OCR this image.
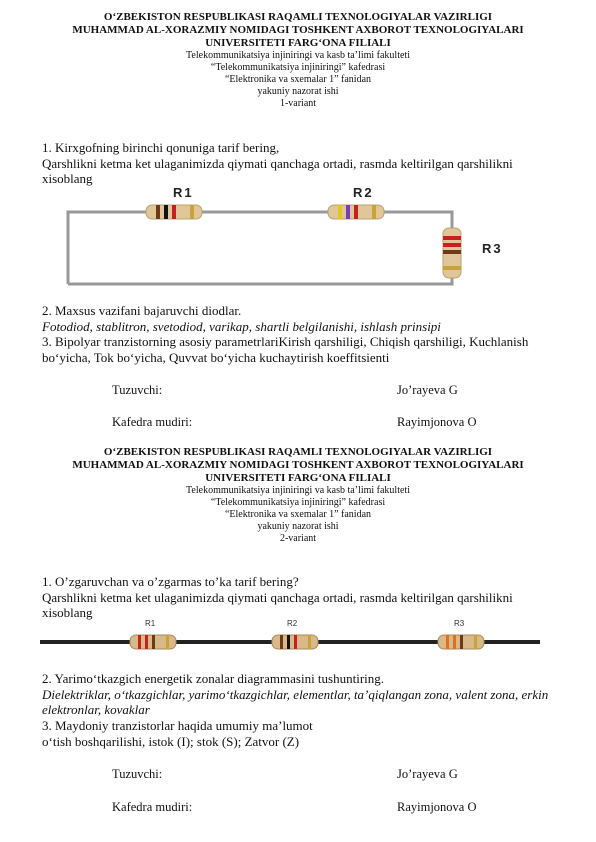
O‘ZBEKISTON RESPUBLIKASI RAQAMLI TEXNOLOGIYALAR VAZIRLIGI
MUHAMMAD AL-XORAZMIY NOMIDAGI TOSHKENT AXBOROT TEXNOLOGIYALARI
UNIVERSITETI FARG‘ONA FILIALI
Telekommunikatsiya injiniringi va kasb ta’limi fakulteti
“Telekommunikatsiya injiniringi” kafedrasi
“Elektronika va sxemalar 1” fanidan
yakuniy nazorat ishi
1-variant
1. Kirxgofning birinchi qonuniga tarif bering,
Qarshlikni ketma ket ulaganimizda qiymati qanchaga ortadi, rasmda keltirilgan qarshilikni xisoblang
R1	R2
R3
2. Maxsus vazifani bajaruvchi diodlar.
Fotodiod, stablitron, svetodiod, varikap, shartli belgilanishi, ishlash prinsipi
3. Bipolyar tranzistorning asosiy parametrlariKirish qarshiligi, Chiqish qarshiligi, Kuchlanish bo‘yicha, Tok bo‘yicha, Quvvat bo‘yicha kuchaytirish koeffitsienti
Tuzuvchi:	Jo’rayeva G
Kafedra mudiri:	Rayimjonova O
O‘ZBEKISTON RESPUBLIKASI RAQAMLI TEXNOLOGIYALAR VAZIRLIGI
MUHAMMAD AL-XORAZMIY NOMIDAGI TOSHKENT AXBOROT TEXNOLOGIYALARI
UNIVERSITETI FARG‘ONA FILIALI
Telekommunikatsiya injiniringi va kasb ta’limi fakulteti
“Telekommunikatsiya injiniringi” kafedrasi
“Elektronika va sxemalar 1” fanidan
yakuniy nazorat ishi
2-variant
1. O’zgaruvchan va o’zgarmas to’ka tarif bering?
Qarshlikni ketma ket ulaganimizda qiymati qanchaga ortadi, rasmda keltirilgan qarshilikni xisoblang
R1	R2	R3
2. Yarimo‘tkazgich energetik zonalar diagrammasini tushuntiring.
Dielektriklar, o‘tkazgichlar, yarimo‘tkazgichlar, elementlar, ta’qiqlangan zona, valent zona, erkin elektronlar, kovaklar
3. Maydoniy tranzistorlar haqida umumiy ma’lumot
o‘tish boshqarilishi, istok (I); stok (S); Zatvor (Z)
Tuzuvchi:	Jo’rayeva G
Kafedra mudiri:	Rayimjonova O
